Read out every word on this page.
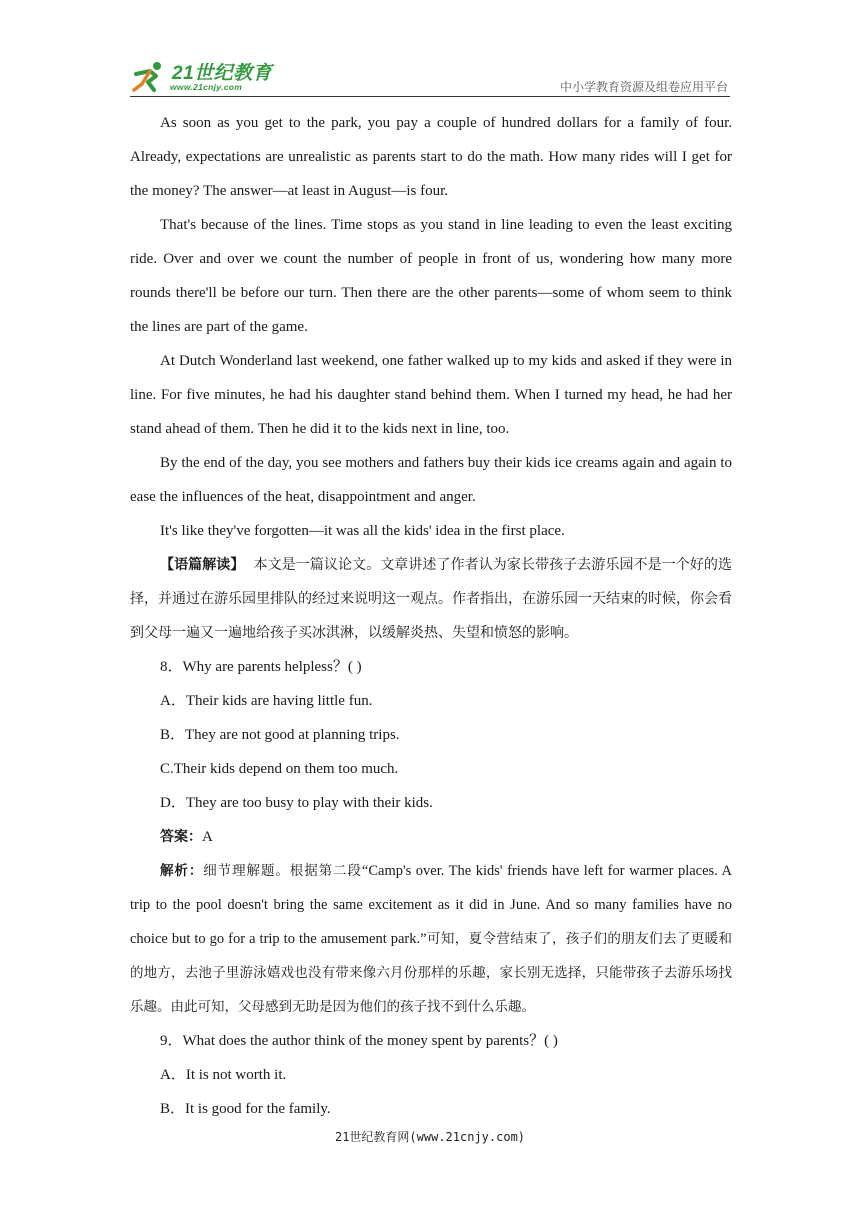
21世纪教育
www.21cnjy.com	中小学教育资源及组卷应用平台

As soon as you get to the park, you pay a couple of hundred dollars for a family of four. Already, expectations are unrealistic as parents start to do the math. How many rides will I get for the money? The answer—at least in August—is four.

That's because of the lines. Time stops as you stand in line leading to even the least exciting ride. Over and over we count the number of people in front of us, wondering how many more rounds there'll be before our turn. Then there are the other parents—some of whom seem to think the lines are part of the game.

At Dutch Wonderland last weekend, one father walked up to my kids and asked if they were in line. For five minutes, he had his daughter stand behind them. When I turned my head, he had her stand ahead of them. Then he did it to the kids next in line, too.

By the end of the day, you see mothers and fathers buy their kids ice creams again and again to ease the influences of the heat, disappointment and anger.

It's like they've forgotten—it was all the kids' idea in the first place.

【语篇解读】 本文是一篇议论文。文章讲述了作者认为家长带孩子去游乐园不是一个好的选择，并通过在游乐园里排队的经过来说明这一观点。作者指出，在游乐园一天结束的时候，你会看到父母一遍又一遍地给孩子买冰淇淋，以缓解炎热、失望和愤怒的影响。

8．Why are parents helpless？( )

A．Their kids are having little fun.

B．They are not good at planning trips.

C.Their kids depend on them too much.

D．They are too busy to play with their kids.

答案：A

解析：细节理解题。根据第二段“Camp's over. The kids' friends have left for warmer places. A trip to the pool doesn't bring the same excitement as it did in June. And so many families have no choice but to go for a trip to the amusement park.”可知，夏令营结束了，孩子们的朋友们去了更暖和的地方，去池子里游泳嬉戏也没有带来像六月份那样的乐趣，家长别无选择，只能带孩子去游乐场找乐趣。由此可知，父母感到无助是因为他们的孩子找不到什么乐趣。

9．What does the author think of the money spent by parents？( )

A．It is not worth it.

B．It is good for the family.

21世纪教育网(www.21cnjy.com)
